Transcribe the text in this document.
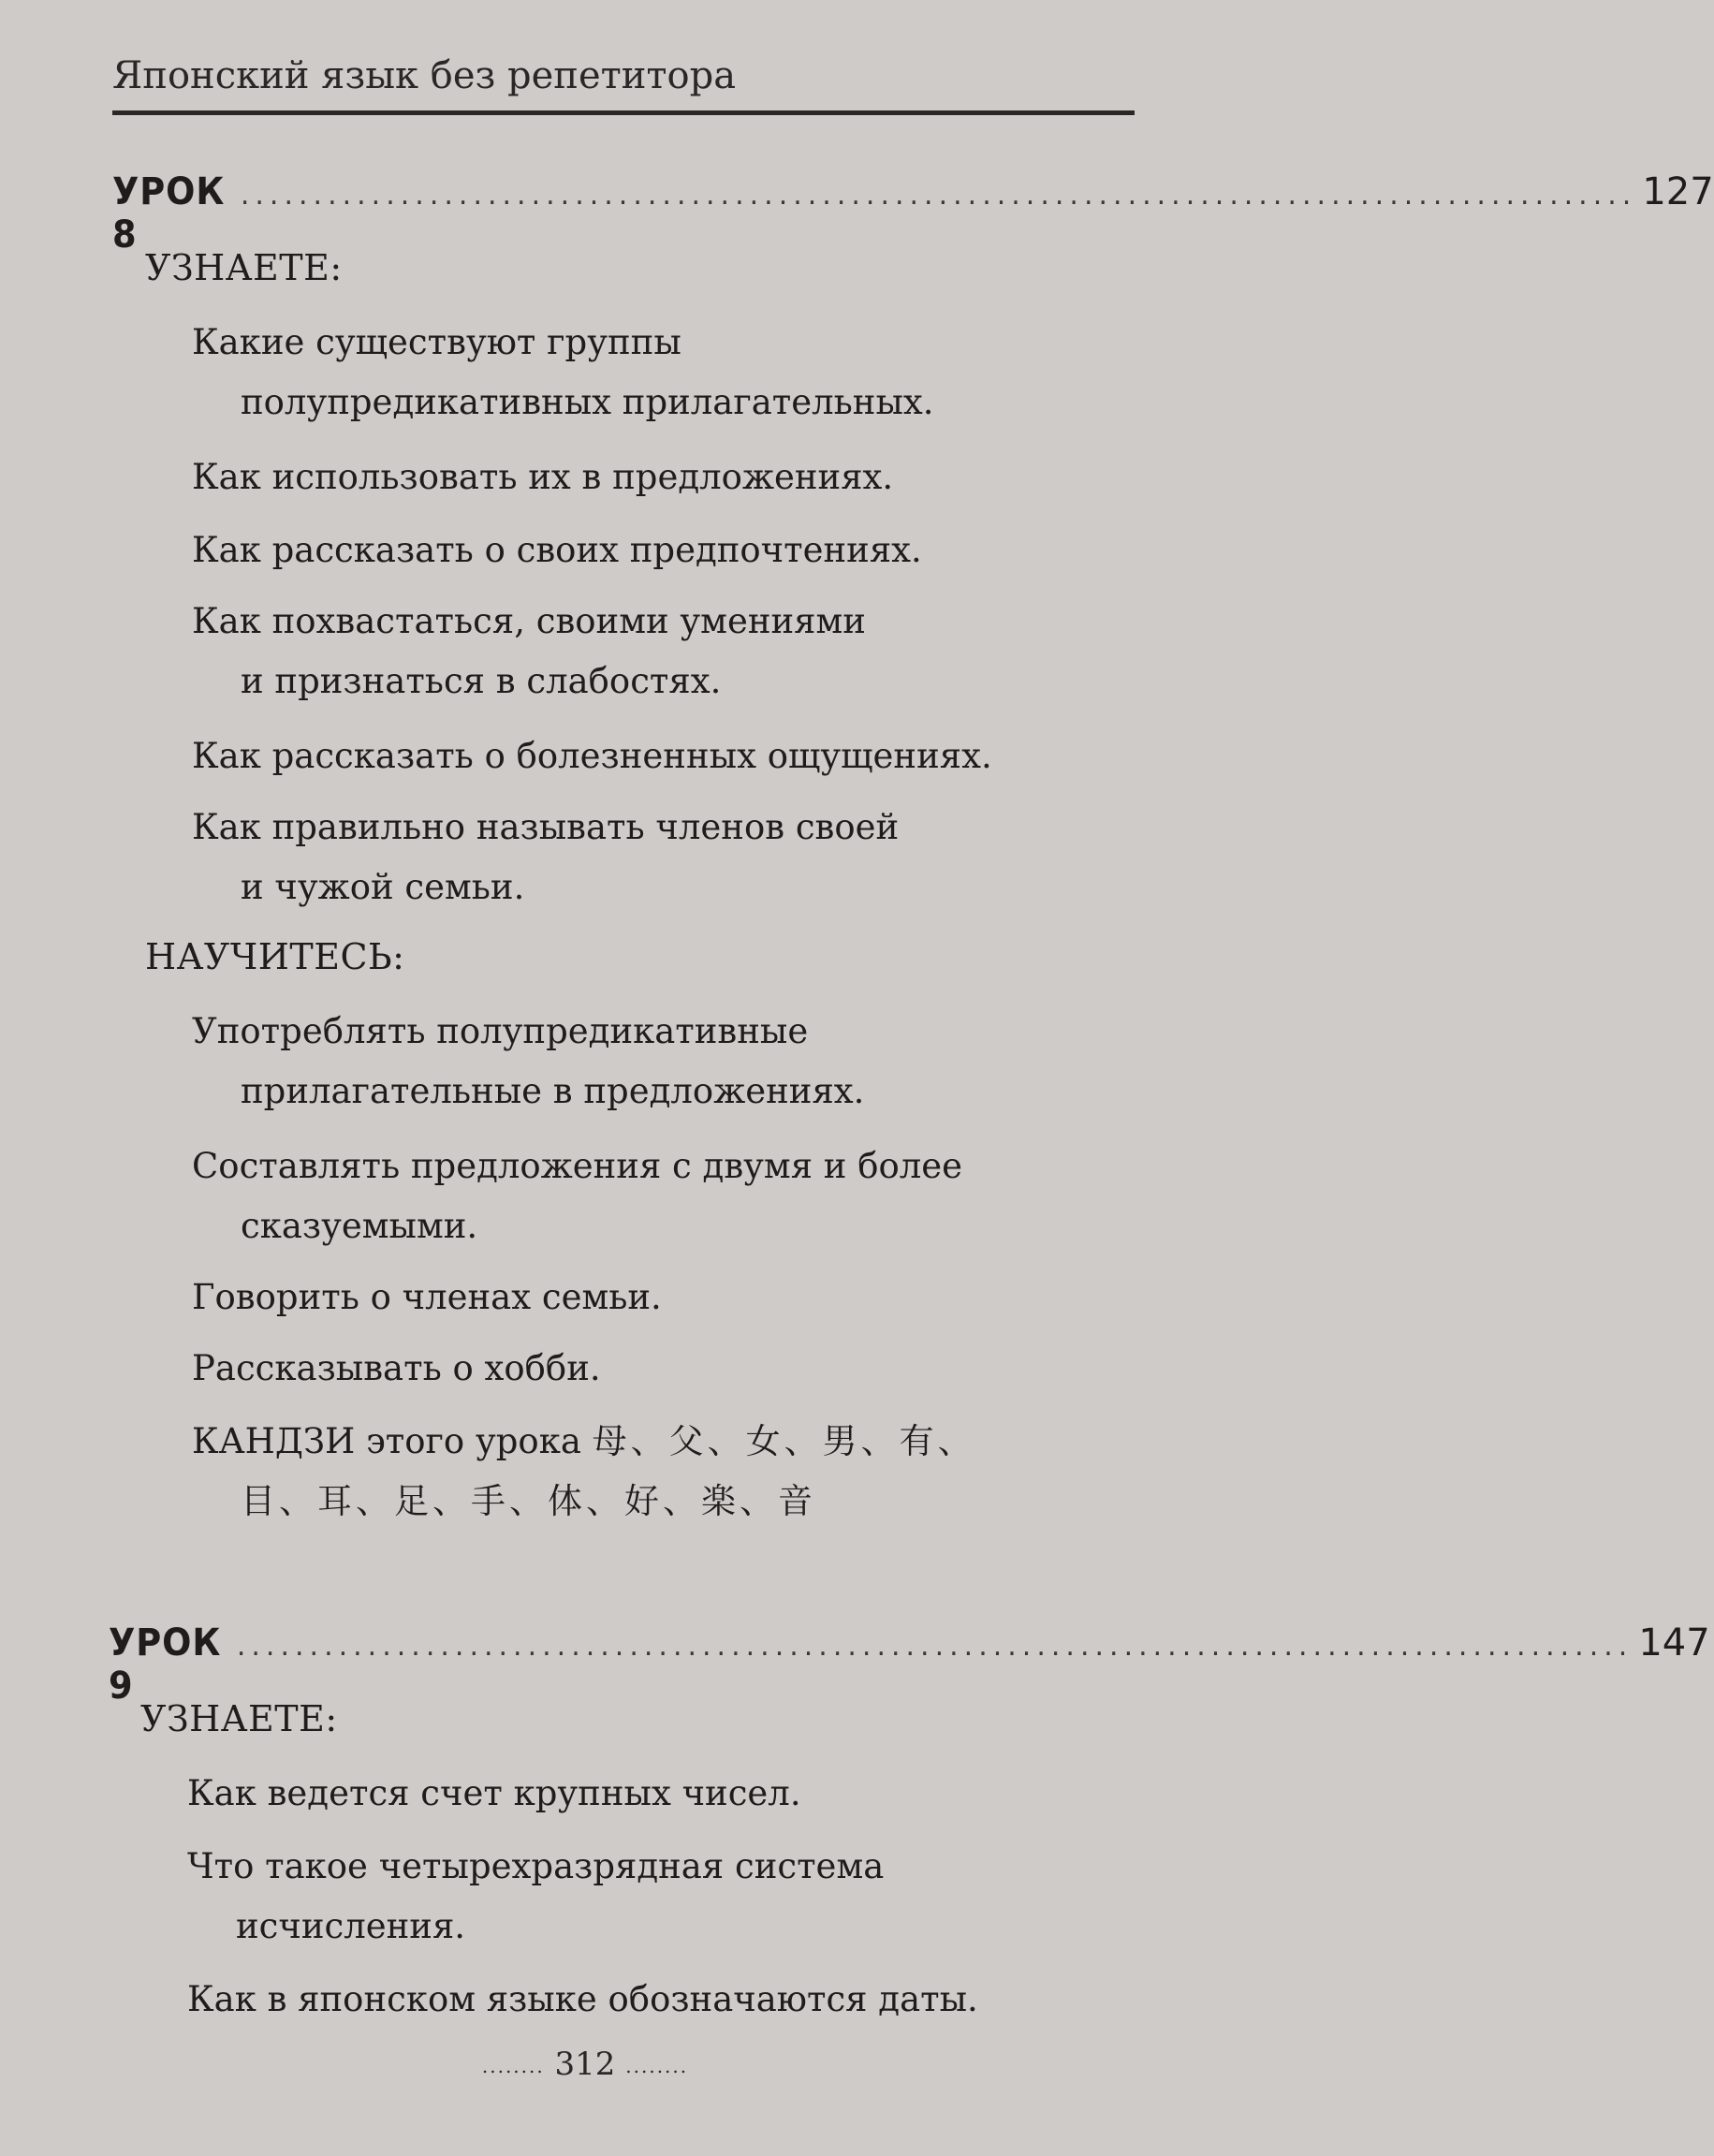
Японский язык без репетитора
УРОК 8
................................................................................................ 127
УЗНАЕТЕ:
Какие существуют группы
полупредикативных прилагательных.
Как использовать их в предложениях.
Как рассказать о своих предпочтениях.
Как похвастаться, своими умениями
и признаться в слабостях.
Как рассказать о болезненных ощущениях.
Как правильно называть членов своей
и чужой семьи.
НАУЧИТЕСЬ:
Употреблять полупредикативные
прилагательные в предложениях.
Составлять предложения с двумя и более
сказуемыми.
Говорить о членах семьи.
Рассказывать о хобби.
КАНДЗИ этого урока 母、父、女、男、有、
目、耳、足、手、体、好、楽、音
УРОК 9
................................................................................................ 147
УЗНАЕТЕ:
Как ведется счет крупных чисел.
Что такое четырехразрядная система
исчисления.
Как в японском языке обозначаются даты.
........ 312 ........
